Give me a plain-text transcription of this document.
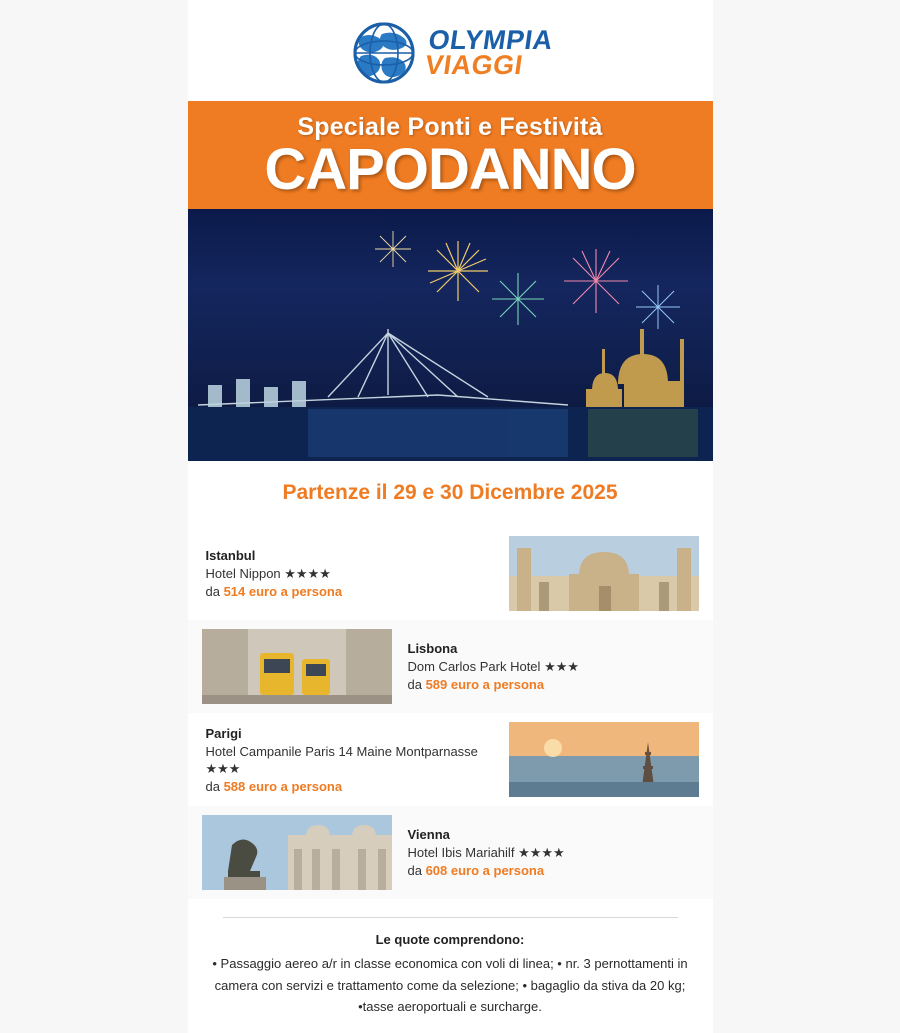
OLYMPIA
VIAGGI
Speciale Ponti e Festività
CAPODANNO
Partenze il 29 e 30 Dicembre 2025
Istanbul
Hotel Nippon ★★★★
da 514 euro a persona
Lisbona
Dom Carlos Park Hotel ★★★
da 589 euro a persona
Parigi
Hotel Campanile Paris 14 Maine Montparnasse ★★★
da 588 euro a persona
Vienna
Hotel Ibis Mariahilf ★★★★
da 608 euro a persona
Le quote comprendono:
• Passaggio aereo a/r in classe economica con voli di linea; • nr. 3 pernottamenti in
camera con servizi e trattamento come da selezione; • bagaglio da stiva da 20 kg;
•tasse aeroportuali e surcharge.
